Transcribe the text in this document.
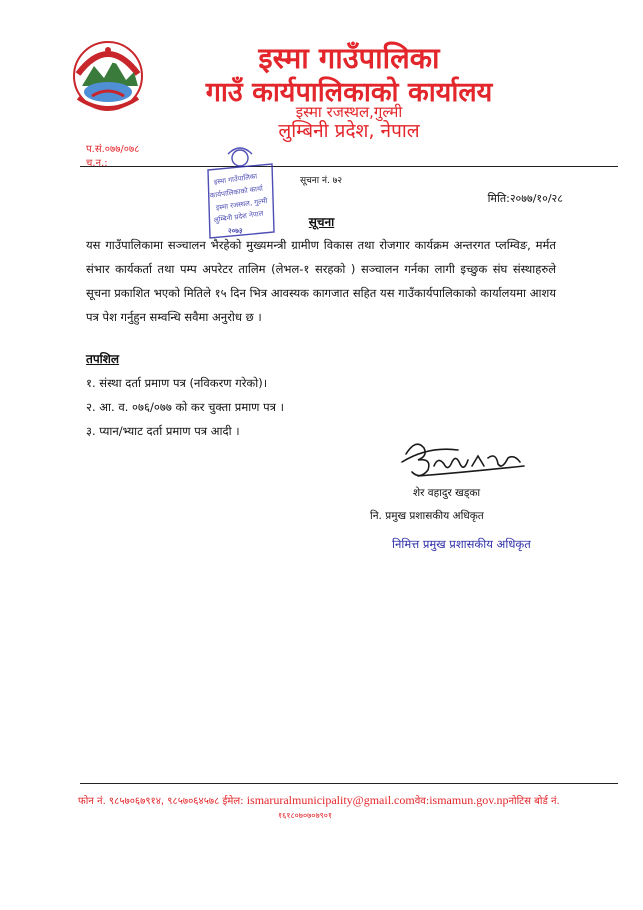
इस्मा गाउँपालिका
गाउँ कार्यपालिकाको कार्यालय
इस्मा रजस्थल,गुल्मी
लुम्बिनी प्रदेश, नेपाल
प.सं.०७७/०७८
च.न.:
इस्मा गाउँपालिका
कार्यपालिकाको कार्या
इस्मा रजस्थल, गुल्मी
लुम्बिनी प्रदेश नेपाल
२०७३
सूचना नं. ७२
मिति:२०७७/१०/२८
सूचना
यस गाउँपालिकामा सञ्चालन भैरहेको मुख्यमन्त्री ग्रामीण विकास तथा रोजगार कार्यक्रम अन्तरगत प्लम्विङ, मर्मत संभार कार्यकर्ता तथा पम्प अपरेटर तालिम (लेभल-१ सरहको ) सञ्चालन गर्नका लागी इच्छुक संघ संस्थाहरुले सूचना प्रकाशित भएको मितिले १५ दिन भित्र आवस्यक कागजात सहित यस गाउँकार्यपालिकाको कार्यालयमा आशय पत्र पेश गर्नुहुन सम्वन्धि सवैमा अनुरोध छ ।
तपशिल
१. संस्था दर्ता प्रमाण पत्र (नविकरण गरेको)।
२. आ. व. ०७६/०७७ को कर चुक्ता प्रमाण पत्र ।
३. प्यान/भ्याट दर्ता प्रमाण पत्र आदी ।
शेर वहादुर खड्का
नि. प्रमुख प्रशासकीय अधिकृत
निमित्त प्रमुख प्रशासकीय अधिकृत
फोन नं. ९८५७०६७९१४, ९८५७०६४५७८ ईमेल: ismaruralmunicipality@gmail.comवेव:ismamun.gov.npनोटिस बोर्ड नं.
१६१८०७०७०७९०१
